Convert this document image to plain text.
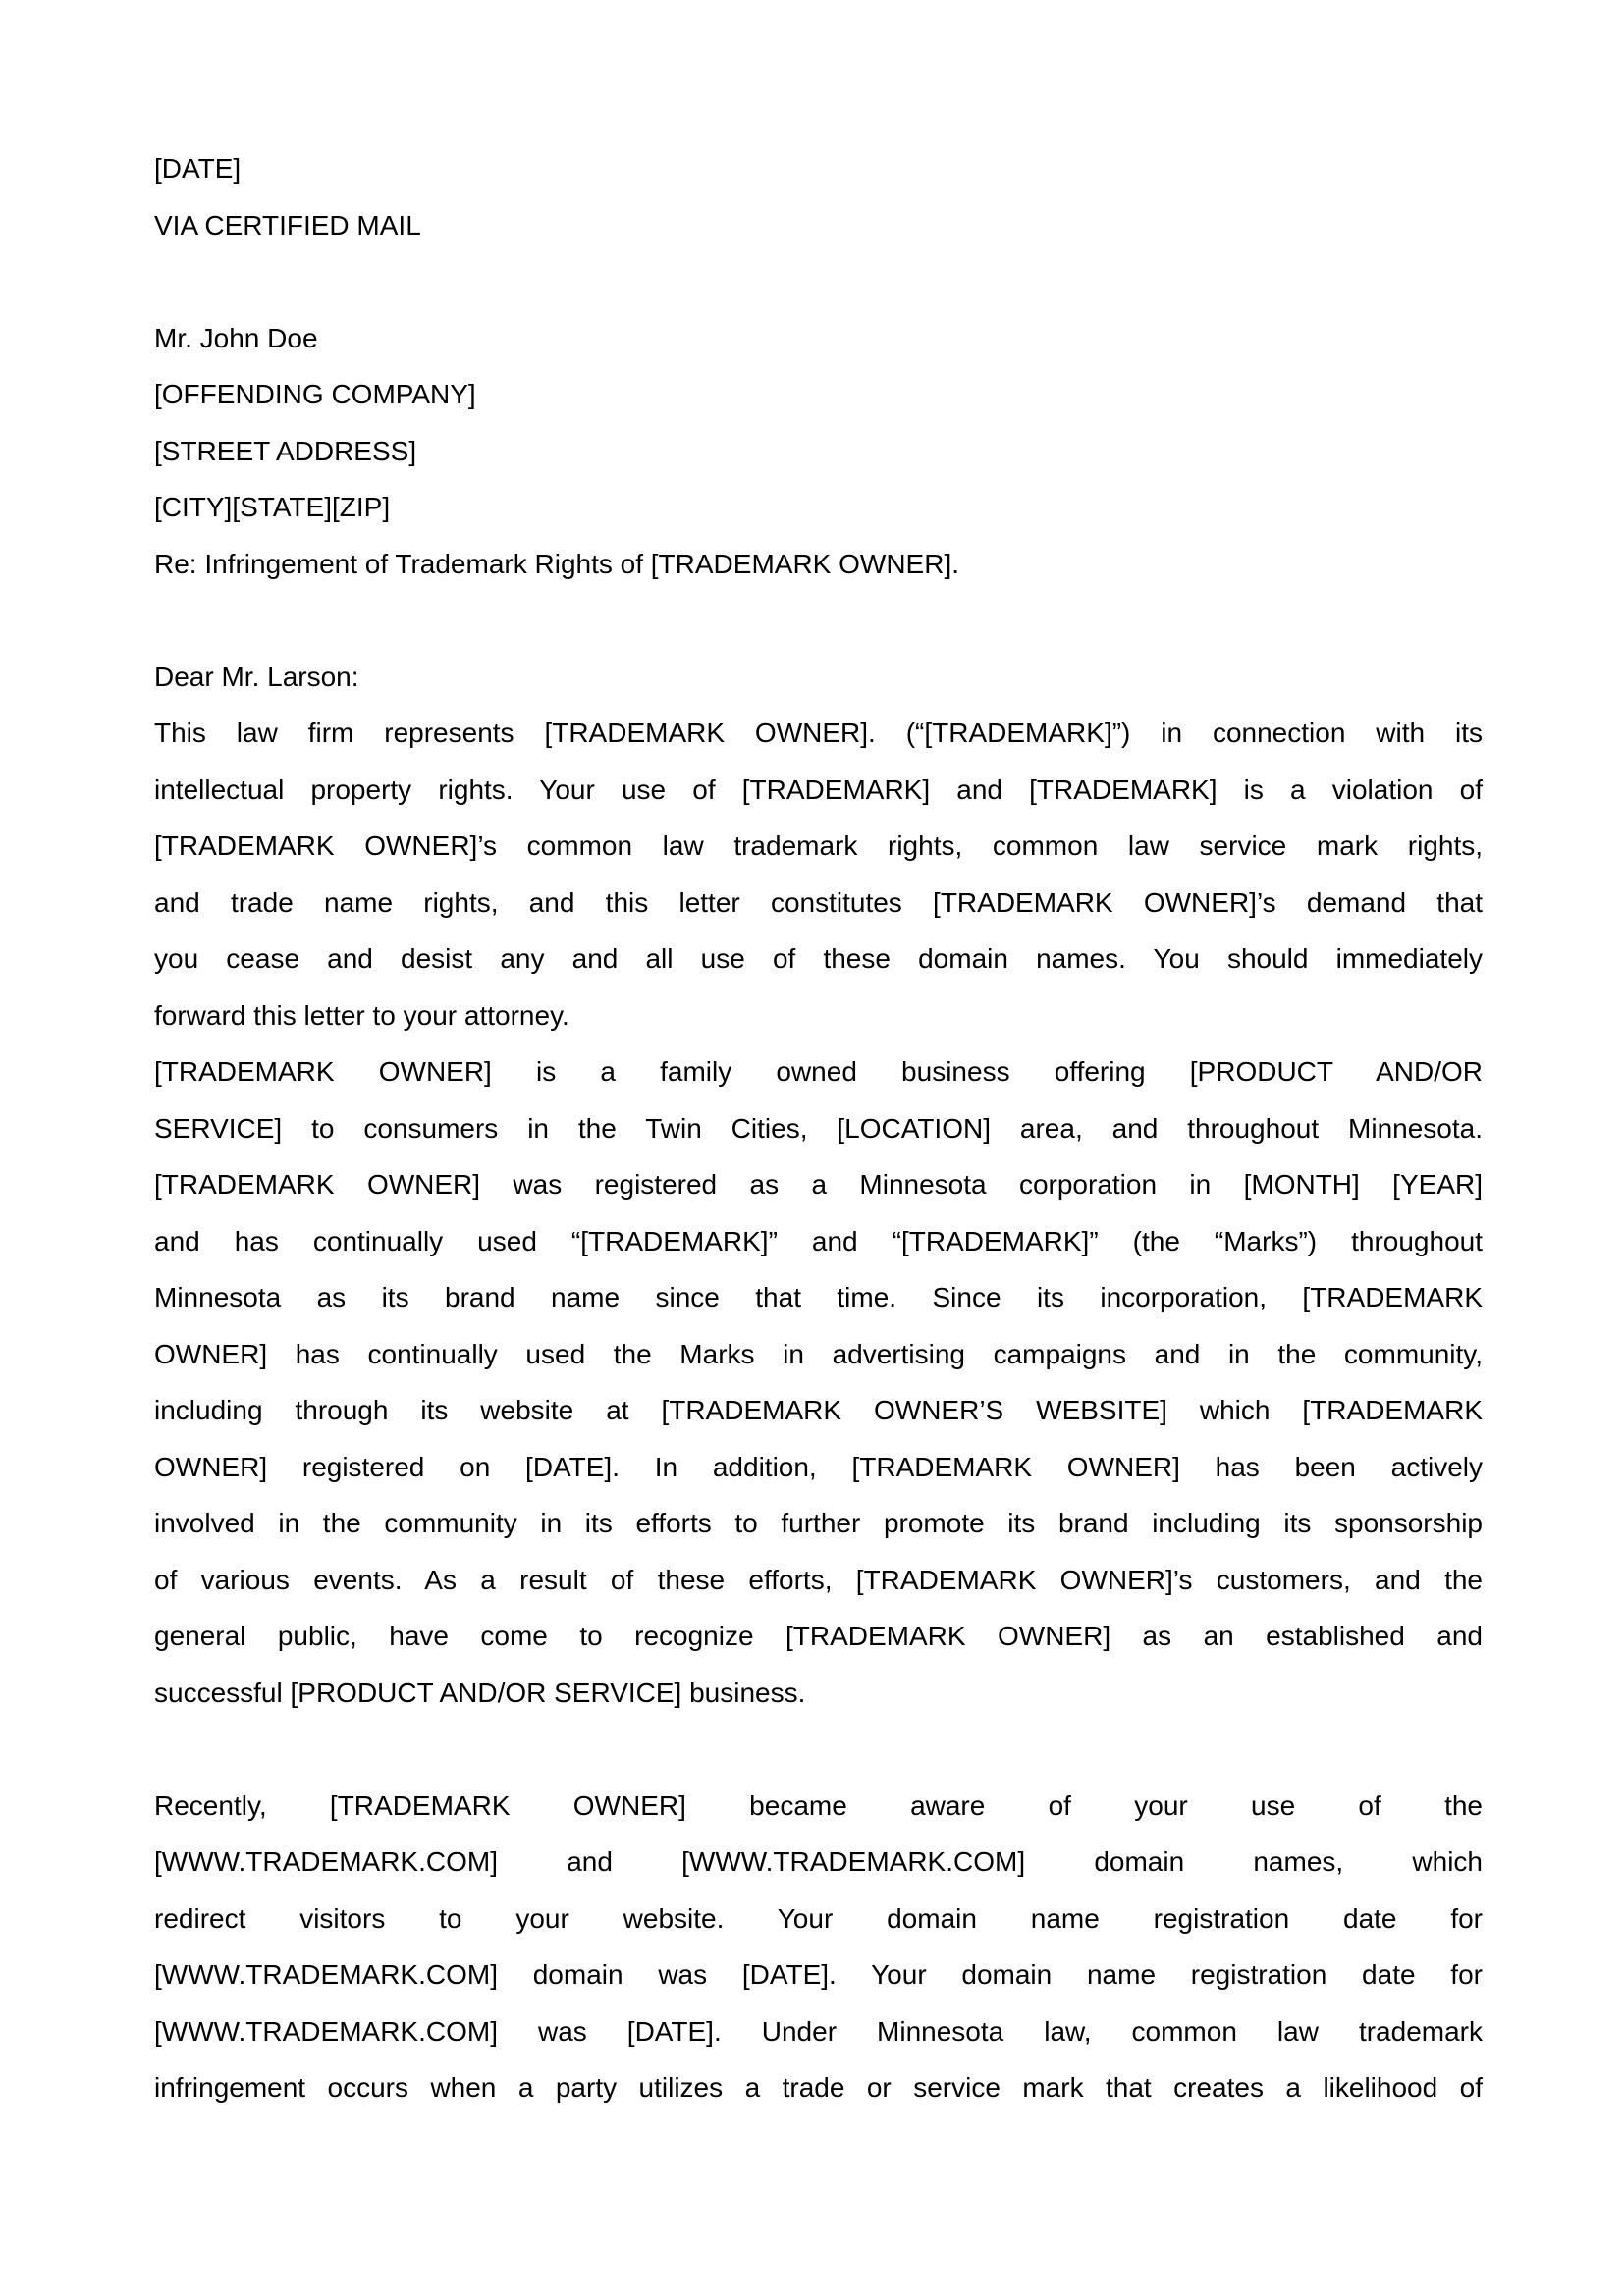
[DATE]
VIA CERTIFIED MAIL
Mr. John Doe
[OFFENDING COMPANY]
[STREET ADDRESS]
[CITY][STATE][ZIP]
Re: Infringement of Trademark Rights of [TRADEMARK OWNER].
Dear Mr. Larson:
This law firm represents [TRADEMARK OWNER]. (“[TRADEMARK]”) in connection with its
intellectual property rights. Your use of [TRADEMARK] and [TRADEMARK] is a violation of
[TRADEMARK OWNER]’s common law trademark rights, common law service mark rights,
and trade name rights, and this letter constitutes [TRADEMARK OWNER]’s demand that
you cease and desist any and all use of these domain names. You should immediately
forward this letter to your attorney.
[TRADEMARK OWNER] is a family owned business offering [PRODUCT AND/OR
SERVICE] to consumers in the Twin Cities, [LOCATION] area, and throughout Minnesota.
[TRADEMARK OWNER] was registered as a Minnesota corporation in [MONTH] [YEAR]
and has continually used “[TRADEMARK]” and “[TRADEMARK]” (the “Marks”) throughout
Minnesota as its brand name since that time. Since its incorporation, [TRADEMARK
OWNER] has continually used the Marks in advertising campaigns and in the community,
including through its website at [TRADEMARK OWNER’S WEBSITE] which [TRADEMARK
OWNER] registered on [DATE]. In addition, [TRADEMARK OWNER] has been actively
involved in the community in its efforts to further promote its brand including its sponsorship
of various events. As a result of these efforts, [TRADEMARK OWNER]’s customers, and the
general public, have come to recognize [TRADEMARK OWNER] as an established and
successful [PRODUCT AND/OR SERVICE] business.
Recently, [TRADEMARK OWNER] became aware of your use of the
[WWW.TRADEMARK.COM] and [WWW.TRADEMARK.COM] domain names, which
redirect visitors to your website. Your domain name registration date for
[WWW.TRADEMARK.COM] domain was [DATE]. Your domain name registration date for
[WWW.TRADEMARK.COM] was [DATE]. Under Minnesota law, common law trademark
infringement occurs when a party utilizes a trade or service mark that creates a likelihood of
